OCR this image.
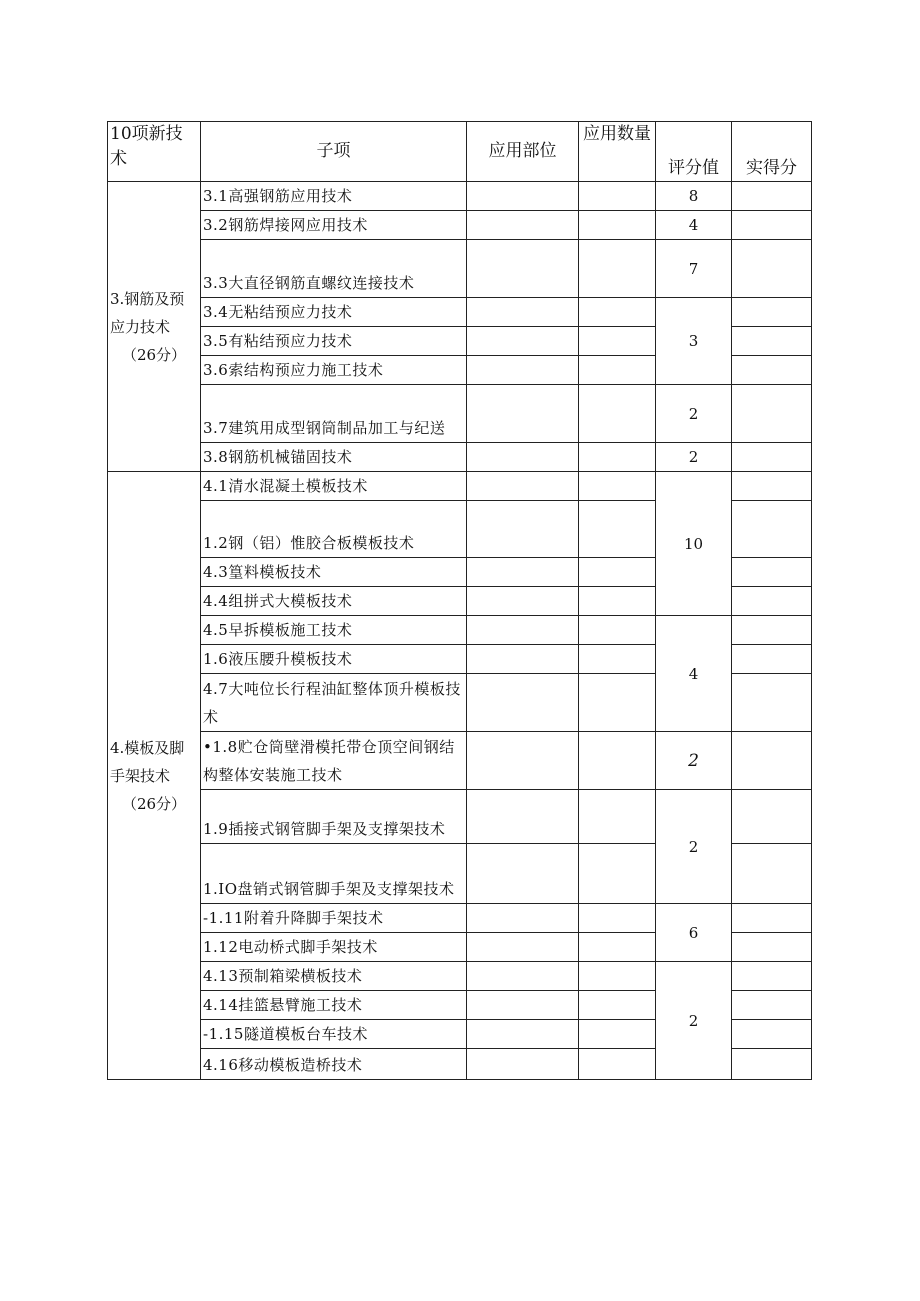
10项新技术	子项	应用部位	应用数量	评分值	实得分

3.钢筋及预应力技术
（26分）	3.1高强钢筋应用技术			8	
	3.2钢筋焊接网应用技术			4	
	3.3大直径钢筋直螺纹连接技术			7	
	3.4无粘结预应力技术			3	
	3.5有粘结预应力技术				
	3.6索结构预应力施工技术				
	3.7建筑用成型钢筒制品加工与纪送			2	
	3.8钢筋机械锚固技术			2	

4.模板及脚手架技术
（26分）	4.1清水混凝土模板技术			10	
	1.2钢（铝）惟胶合板模板技术				
	4.3篁料模板技术				
	4.4组拼式大模板技术				
	4.5早拆模板施工技术			4	
	1.6液压腰升模板技术				
	4.7大吨位长行程油缸整体顶升模板技术				
	•1.8贮仓筒壁滑模托带仓顶空间钢结构整体安装施工技术			2	
	1.9插接式钢管脚手架及支撑架技术			2	
	1.IO盘销式钢管脚手架及支撑架技术				
	-1.11附着升降脚手架技术			6	
	1.12电动桥式脚手架技术				
	4.13预制箱梁横板技术			2	
	4.14挂篮悬臂施工技术				
	-1.15隧道模板台车技术				
	4.16移动模板造桥技术				
